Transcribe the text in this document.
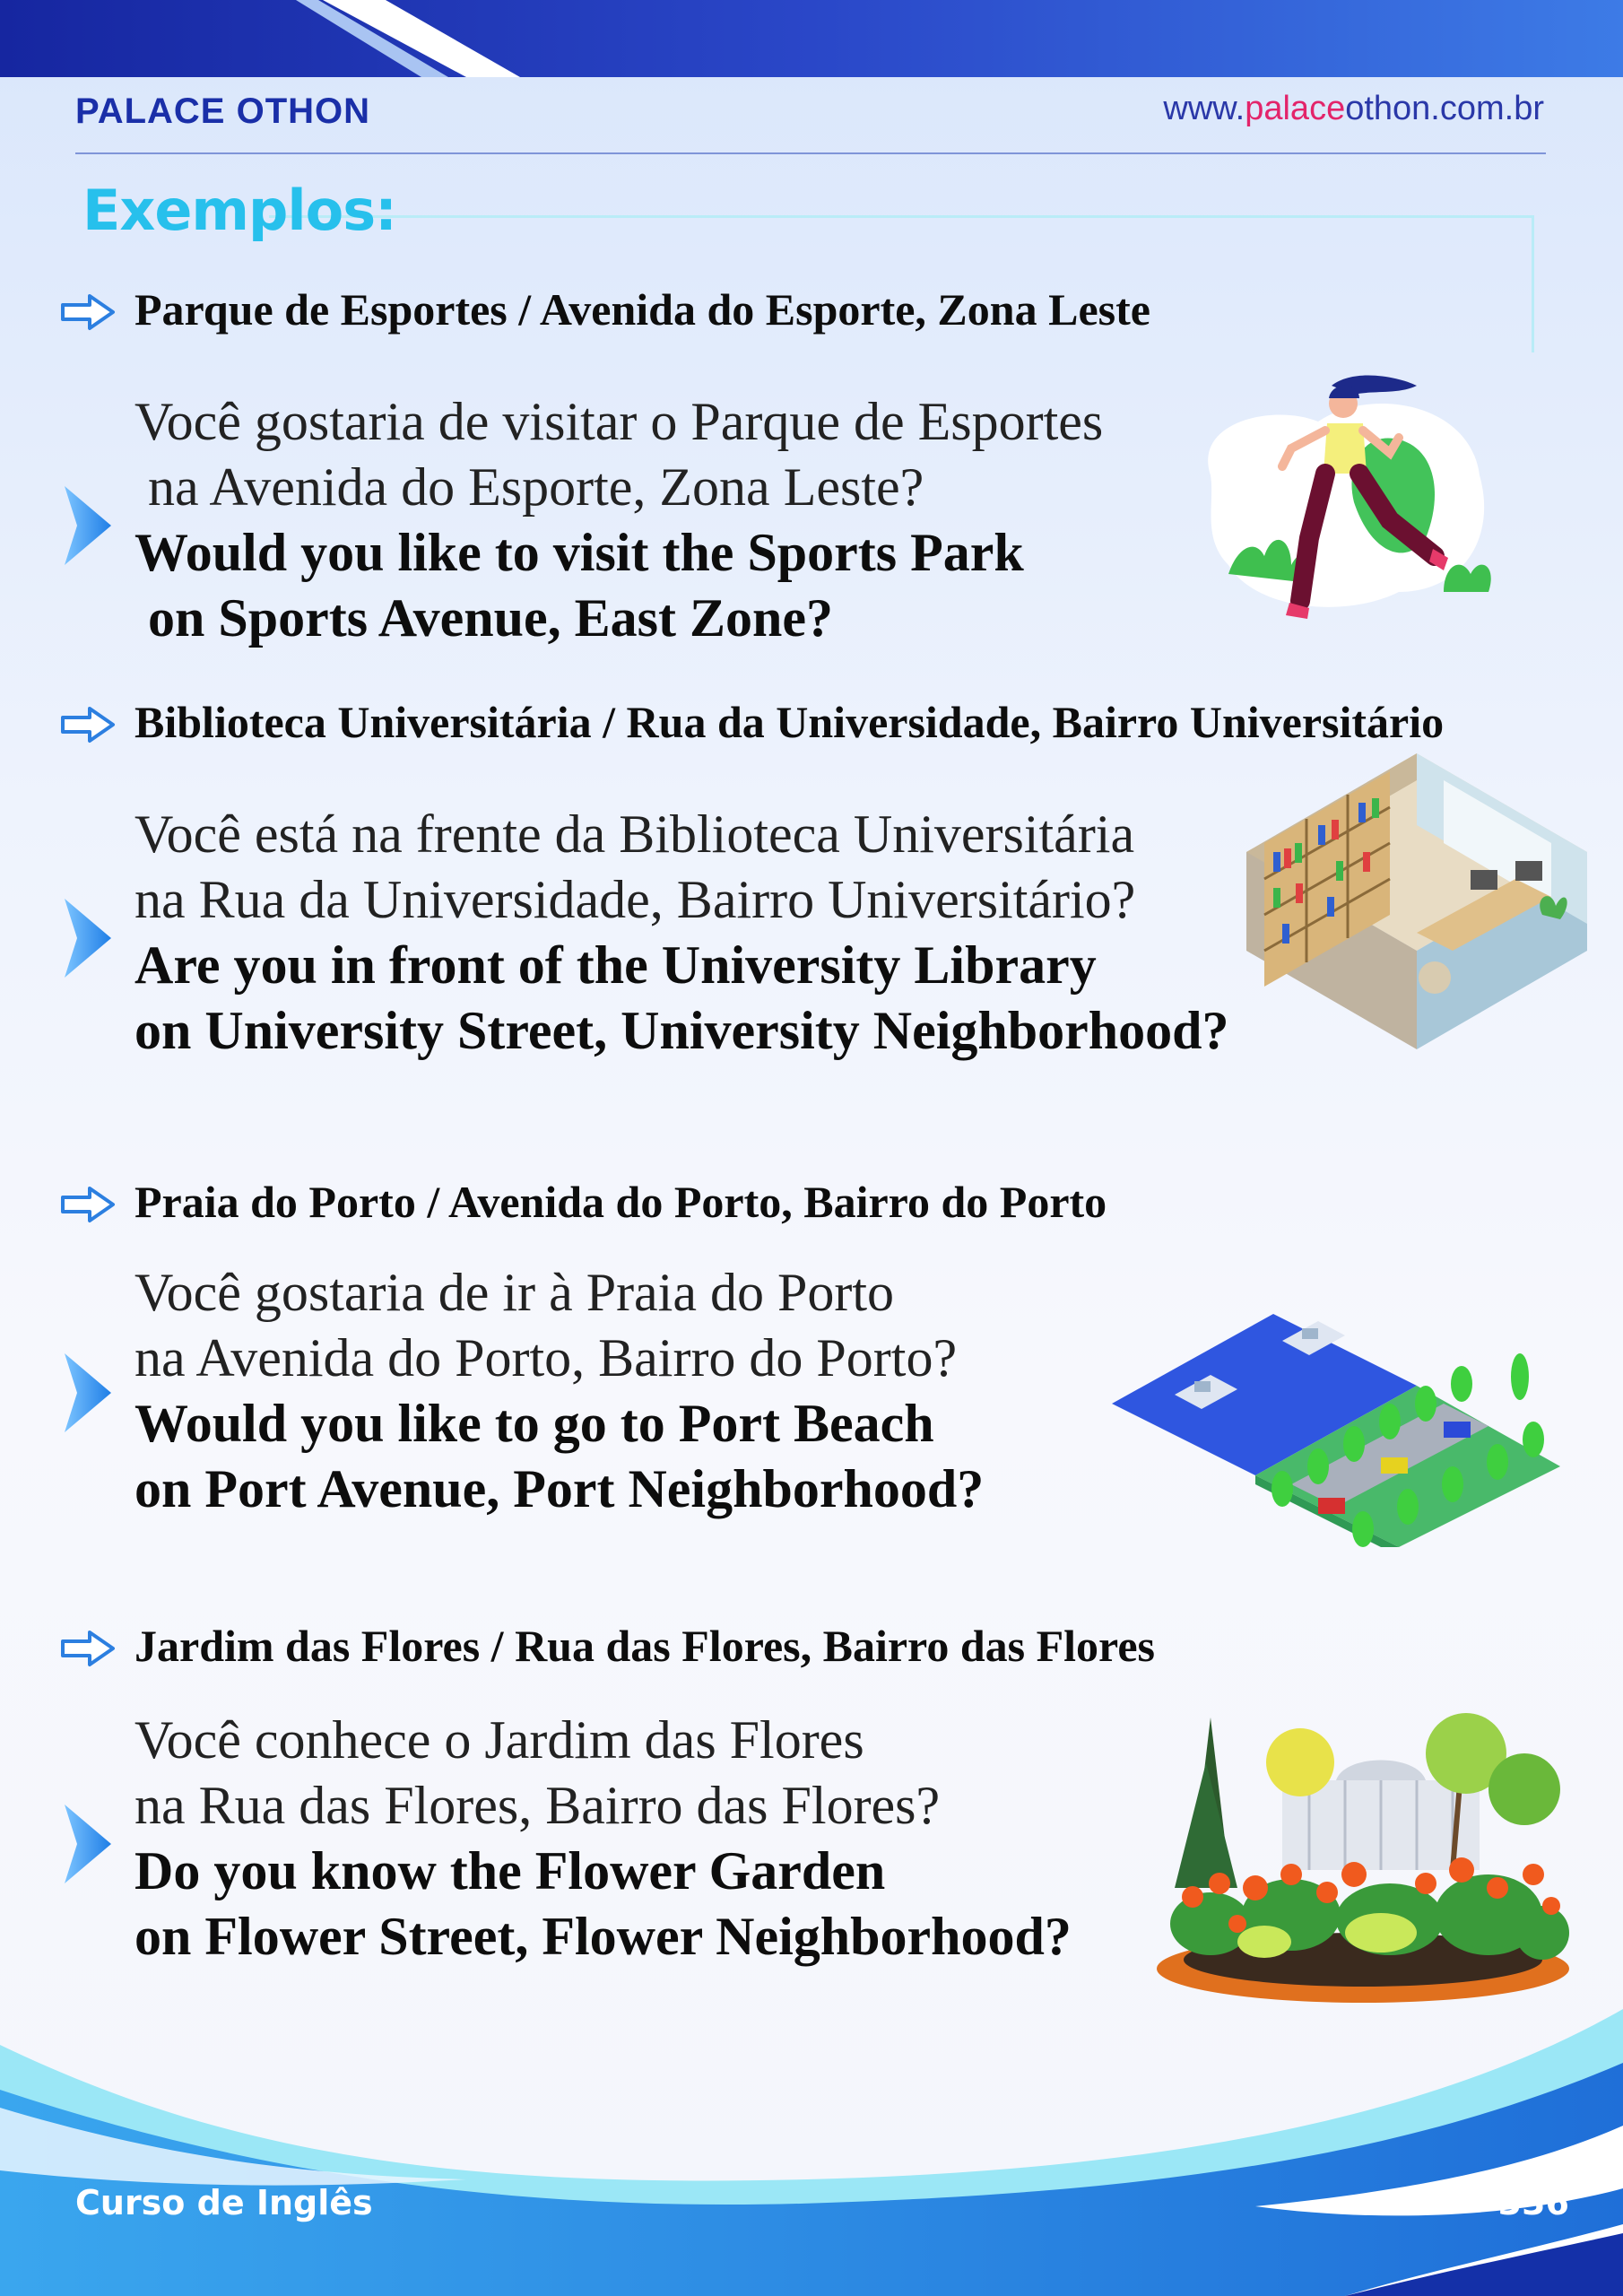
PALACE OTHON	www.palaceothon.com.br
Exemplos:
Parque de Esportes / Avenida do Esporte, Zona Leste
Você gostaria de visitar o Parque de Esportes
na Avenida do Esporte, Zona Leste?
Would you like to visit the Sports Park
on Sports Avenue, East Zone?
Biblioteca Universitária / Rua da Universidade, Bairro Universitário
Você está na frente da Biblioteca Universitária
na Rua da Universidade, Bairro Universitário?
Are you in front of the University Library
on University Street, University Neighborhood?
Praia do Porto / Avenida do Porto, Bairro do Porto
Você gostaria de ir à Praia do Porto
na Avenida do Porto, Bairro do Porto?
Would you like to go to Port Beach
on Port Avenue, Port Neighborhood?
Jardim das Flores / Rua das Flores, Bairro das Flores
Você conhece o Jardim das Flores
na Rua das Flores, Bairro das Flores?
Do you know the Flower Garden
on Flower Street, Flower Neighborhood?
Curso de Inglês	336
